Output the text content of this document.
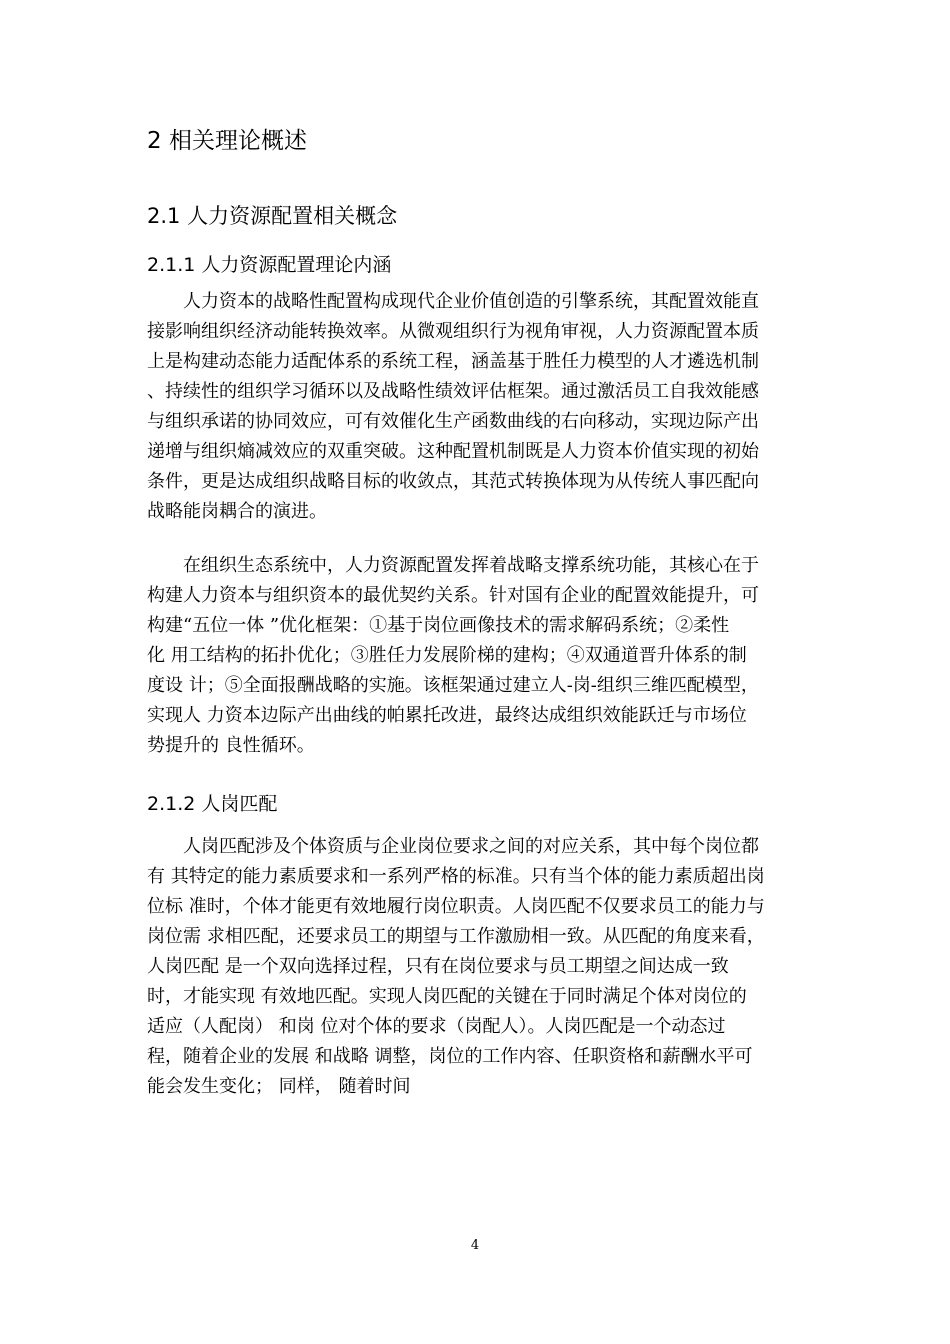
2 相关理论概述
2.1 人力资源配置相关概念
2.1.1 人力资源配置理论内涵
人力资本的战略性配置构成现代企业价值创造的引擎系统，其配置效能直
接影响组织经济动能转换效率。从微观组织行为视角审视，人力资源配置本质
上是构建动态能力适配体系的系统工程，涵盖基于胜任力模型的人才遴选机制
、持续性的组织学习循环以及战略性绩效评估框架。通过激活员工自我效能感
与组织承诺的协同效应，可有效催化生产函数曲线的右向移动，实现边际产出
递增与组织熵减效应的双重突破。这种配置机制既是人力资本价值实现的初始
条件，更是达成组织战略目标的收敛点，其范式转换体现为从传统人事匹配向
战略能岗耦合的演进。
在组织生态系统中，人力资源配置发挥着战略支撑系统功能，其核心在于
构建人力资本与组织资本的最优契约关系。针对国有企业的配置效能提升，可
构建“五位一体 ”优化框架：①基于岗位画像技术的需求解码系统；②柔性
化 用工结构的拓扑优化；③胜任力发展阶梯的建构；④双通道晋升体系的制
度设 计；⑤全面报酬战略的实施。该框架通过建立人-岗-组织三维匹配模型，
实现人 力资本边际产出曲线的帕累托改进，最终达成组织效能跃迁与市场位
势提升的 良性循环。
2.1.2 人岗匹配
人岗匹配涉及个体资质与企业岗位要求之间的对应关系，其中每个岗位都
有 其特定的能力素质要求和一系列严格的标准。只有当个体的能力素质超出岗
位标 准时，个体才能更有效地履行岗位职责。人岗匹配不仅要求员工的能力与
岗位需 求相匹配，还要求员工的期望与工作激励相一致。从匹配的角度来看，
人岗匹配 是一个双向选择过程，只有在岗位要求与员工期望之间达成一致
时，才能实现 有效地匹配。实现人岗匹配的关键在于同时满足个体对岗位的
适应（人配岗） 和岗 位对个体的要求（岗配人）。人岗匹配是一个动态过
程，随着企业的发展 和战略 调整，岗位的工作内容、任职资格和薪酬水平可
能会发生变化； 同样， 随着时间
4
